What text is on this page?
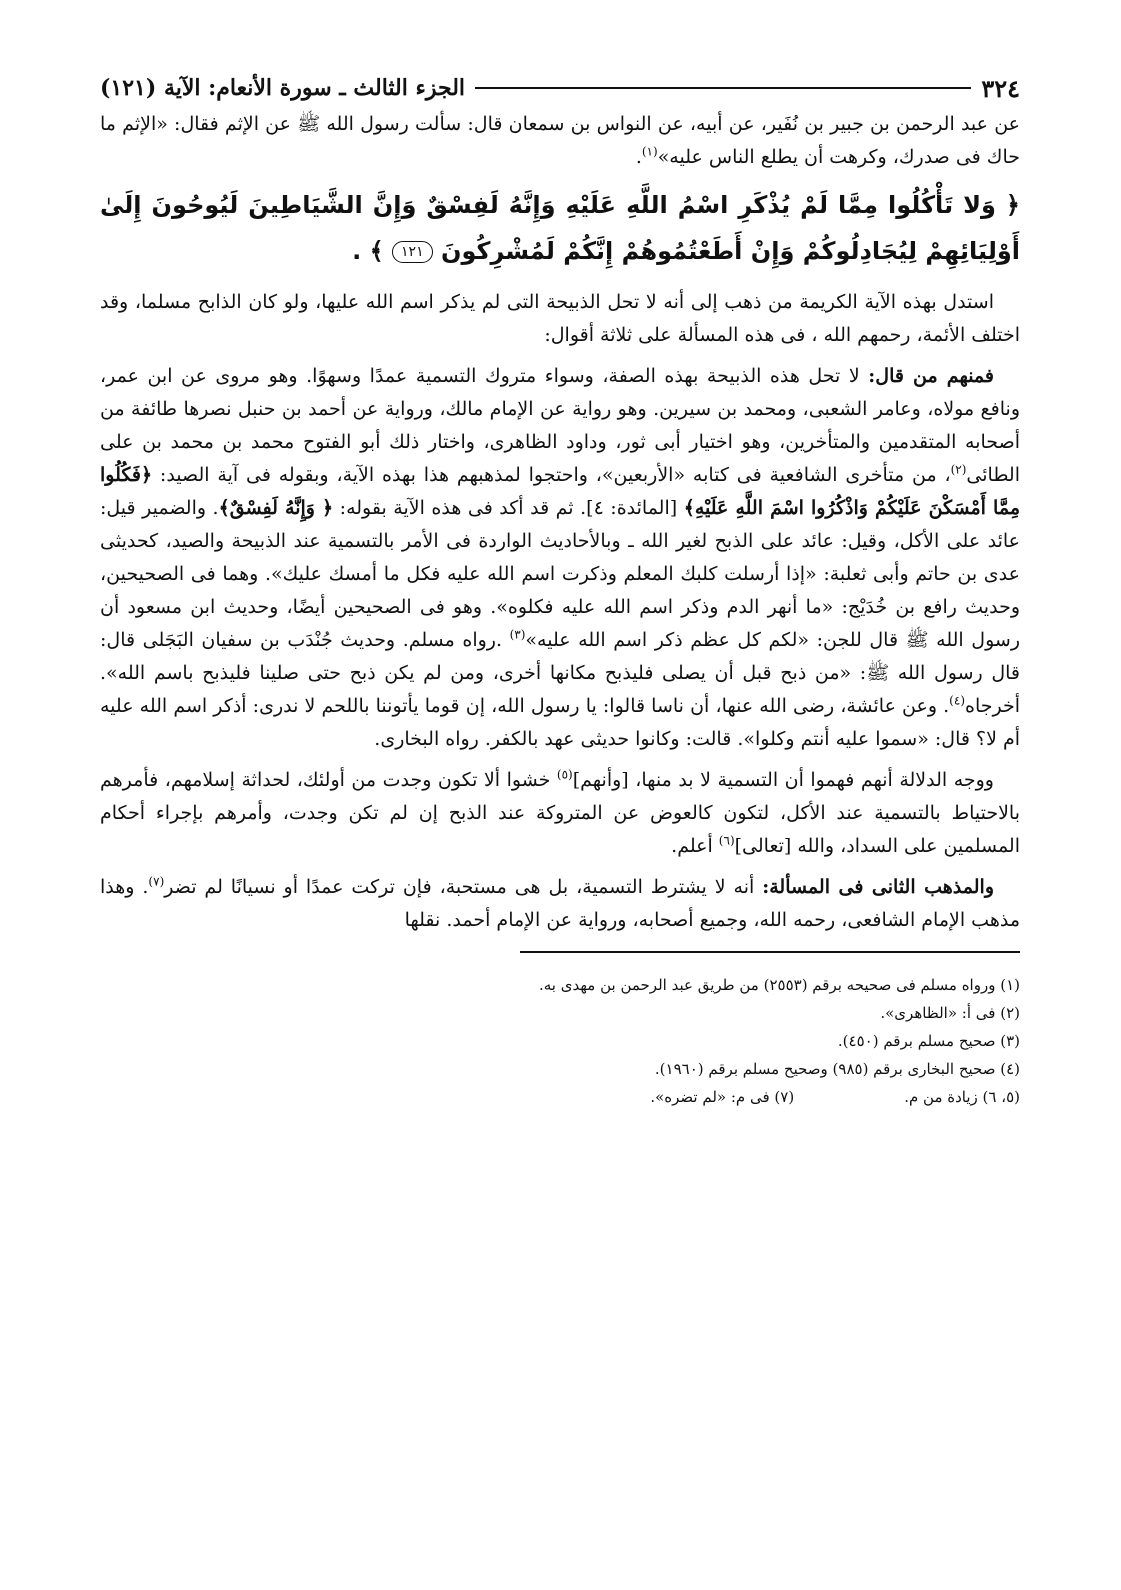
٣٢٤
الجزء الثالث ـ سورة الأنعام: الآية (١٢١)

عن عبد الرحمن بن جبير بن نُفَير، عن أبيه، عن النواس بن سمعان قال: سألت رسول الله ﷺ عن الإثم فقال: «الإثم ما حاك فى صدرك، وكرهت أن يطلع الناس عليه»$^{(١)}$.

﴿ وَلا تَأْكُلُوا مِمَّا لَمْ يُذْكَرِ اسْمُ اللَّهِ عَلَيْهِ وَإِنَّهُ لَفِسْقٌ وَإِنَّ الشَّيَاطِينَ لَيُوحُونَ إِلَىٰ أَوْلِيَائِهِمْ لِيُجَادِلُوكُمْ وَإِنْ أَطَعْتُمُوهُمْ إِنَّكُمْ لَمُشْرِكُونَ ١٢١ ﴾ .

استدل بهذه الآية الكريمة من ذهب إلى أنه لا تحل الذبيحة التى لم يذكر اسم الله عليها، ولو كان الذابح مسلما، وقد اختلف الأئمة، رحمهم الله ، فى هذه المسألة على ثلاثة أقوال:

فمنهم من قال: لا تحل هذه الذبيحة بهذه الصفة، وسواء متروك التسمية عمدًا وسهوًا. وهو مروى عن ابن عمر، ونافع مولاه، وعامر الشعبى، ومحمد بن سيرين. وهو رواية عن الإمام مالك، ورواية عن أحمد بن حنبل نصرها طائفة من أصحابه المتقدمين والمتأخرين، وهو اختيار أبى ثور، وداود الظاهرى، واختار ذلك أبو الفتوح محمد بن محمد بن على الطائى$^{(٢)}$، من متأخرى الشافعية فى كتابه «الأربعين»، واحتجوا لمذهبهم هذا بهذه الآية، وبقوله فى آية الصيد: ﴿فَكُلُوا مِمَّا أَمْسَكْنَ عَلَيْكُمْ وَاذْكُرُوا اسْمَ اللَّهِ عَلَيْهِ﴾ [المائدة: ٤]. ثم قد أكد فى هذه الآية بقوله: ﴿ وَإِنَّهُ لَفِسْقٌ﴾. والضمير قيل: عائد على الأكل، وقيل: عائد على الذبح لغير الله ـ وبالأحاديث الواردة فى الأمر بالتسمية عند الذبيحة والصيد، كحديثى عدى بن حاتم وأبى ثعلبة: «إذا أرسلت كلبك المعلم وذكرت اسم الله عليه فكل ما أمسك عليك». وهما فى الصحيحين، وحديث رافع بن خُدَيْج: «ما أنهر الدم وذكر اسم الله عليه فكلوه». وهو فى الصحيحين أيضًا، وحديث ابن مسعود أن رسول الله ﷺ قال للجن: «لكم كل عظم ذكر اسم الله عليه»$^{(٣)}$ .رواه مسلم. وحديث جُنْدَب بن سفيان البَجَلى قال: قال رسول الله ﷺ: «من ذبح قبل أن يصلى فليذبح مكانها أخرى، ومن لم يكن ذبح حتى صلينا فليذبح باسم الله». أخرجاه$^{(٤)}$. وعن عائشة، رضى الله عنها، أن ناسا قالوا: يا رسول الله، إن قوما يأتوننا باللحم لا ندرى: أذكر اسم الله عليه أم لا؟ قال: «سموا عليه أنتم وكلوا». قالت: وكانوا حديثى عهد بالكفر. رواه البخارى.

ووجه الدلالة أنهم فهموا أن التسمية لا بد منها، [وأنهم]$^{(٥)}$ خشوا ألا تكون وجدت من أولئك، لحداثة إسلامهم، فأمرهم بالاحتياط بالتسمية عند الأكل، لتكون كالعوض عن المتروكة عند الذبح إن لم تكن وجدت، وأمرهم بإجراء أحكام المسلمين على السداد، والله [تعالى]$^{(٦)}$ أعلم.

والمذهب الثانى فى المسألة: أنه لا يشترط التسمية، بل هى مستحبة، فإن تركت عمدًا أو نسيانًا لم تضر$^{(٧)}$. وهذا مذهب الإمام الشافعى، رحمه الله، وجميع أصحابه، ورواية عن الإمام أحمد. نقلها

(١) ورواه مسلم فى صحيحه برقم (٢٥٥٣) من طريق عبد الرحمن بن مهدى به.

(٢) فى أ: «الظاهرى».

(٣) صحيح مسلم برقم (٤٥٠).

(٤) صحيح البخارى برقم (٩٨٥) وصحيح مسلم برقم (١٩٦٠).

(٥، ٦) زيادة من م.
(٧) فى م: «لم تضره».
